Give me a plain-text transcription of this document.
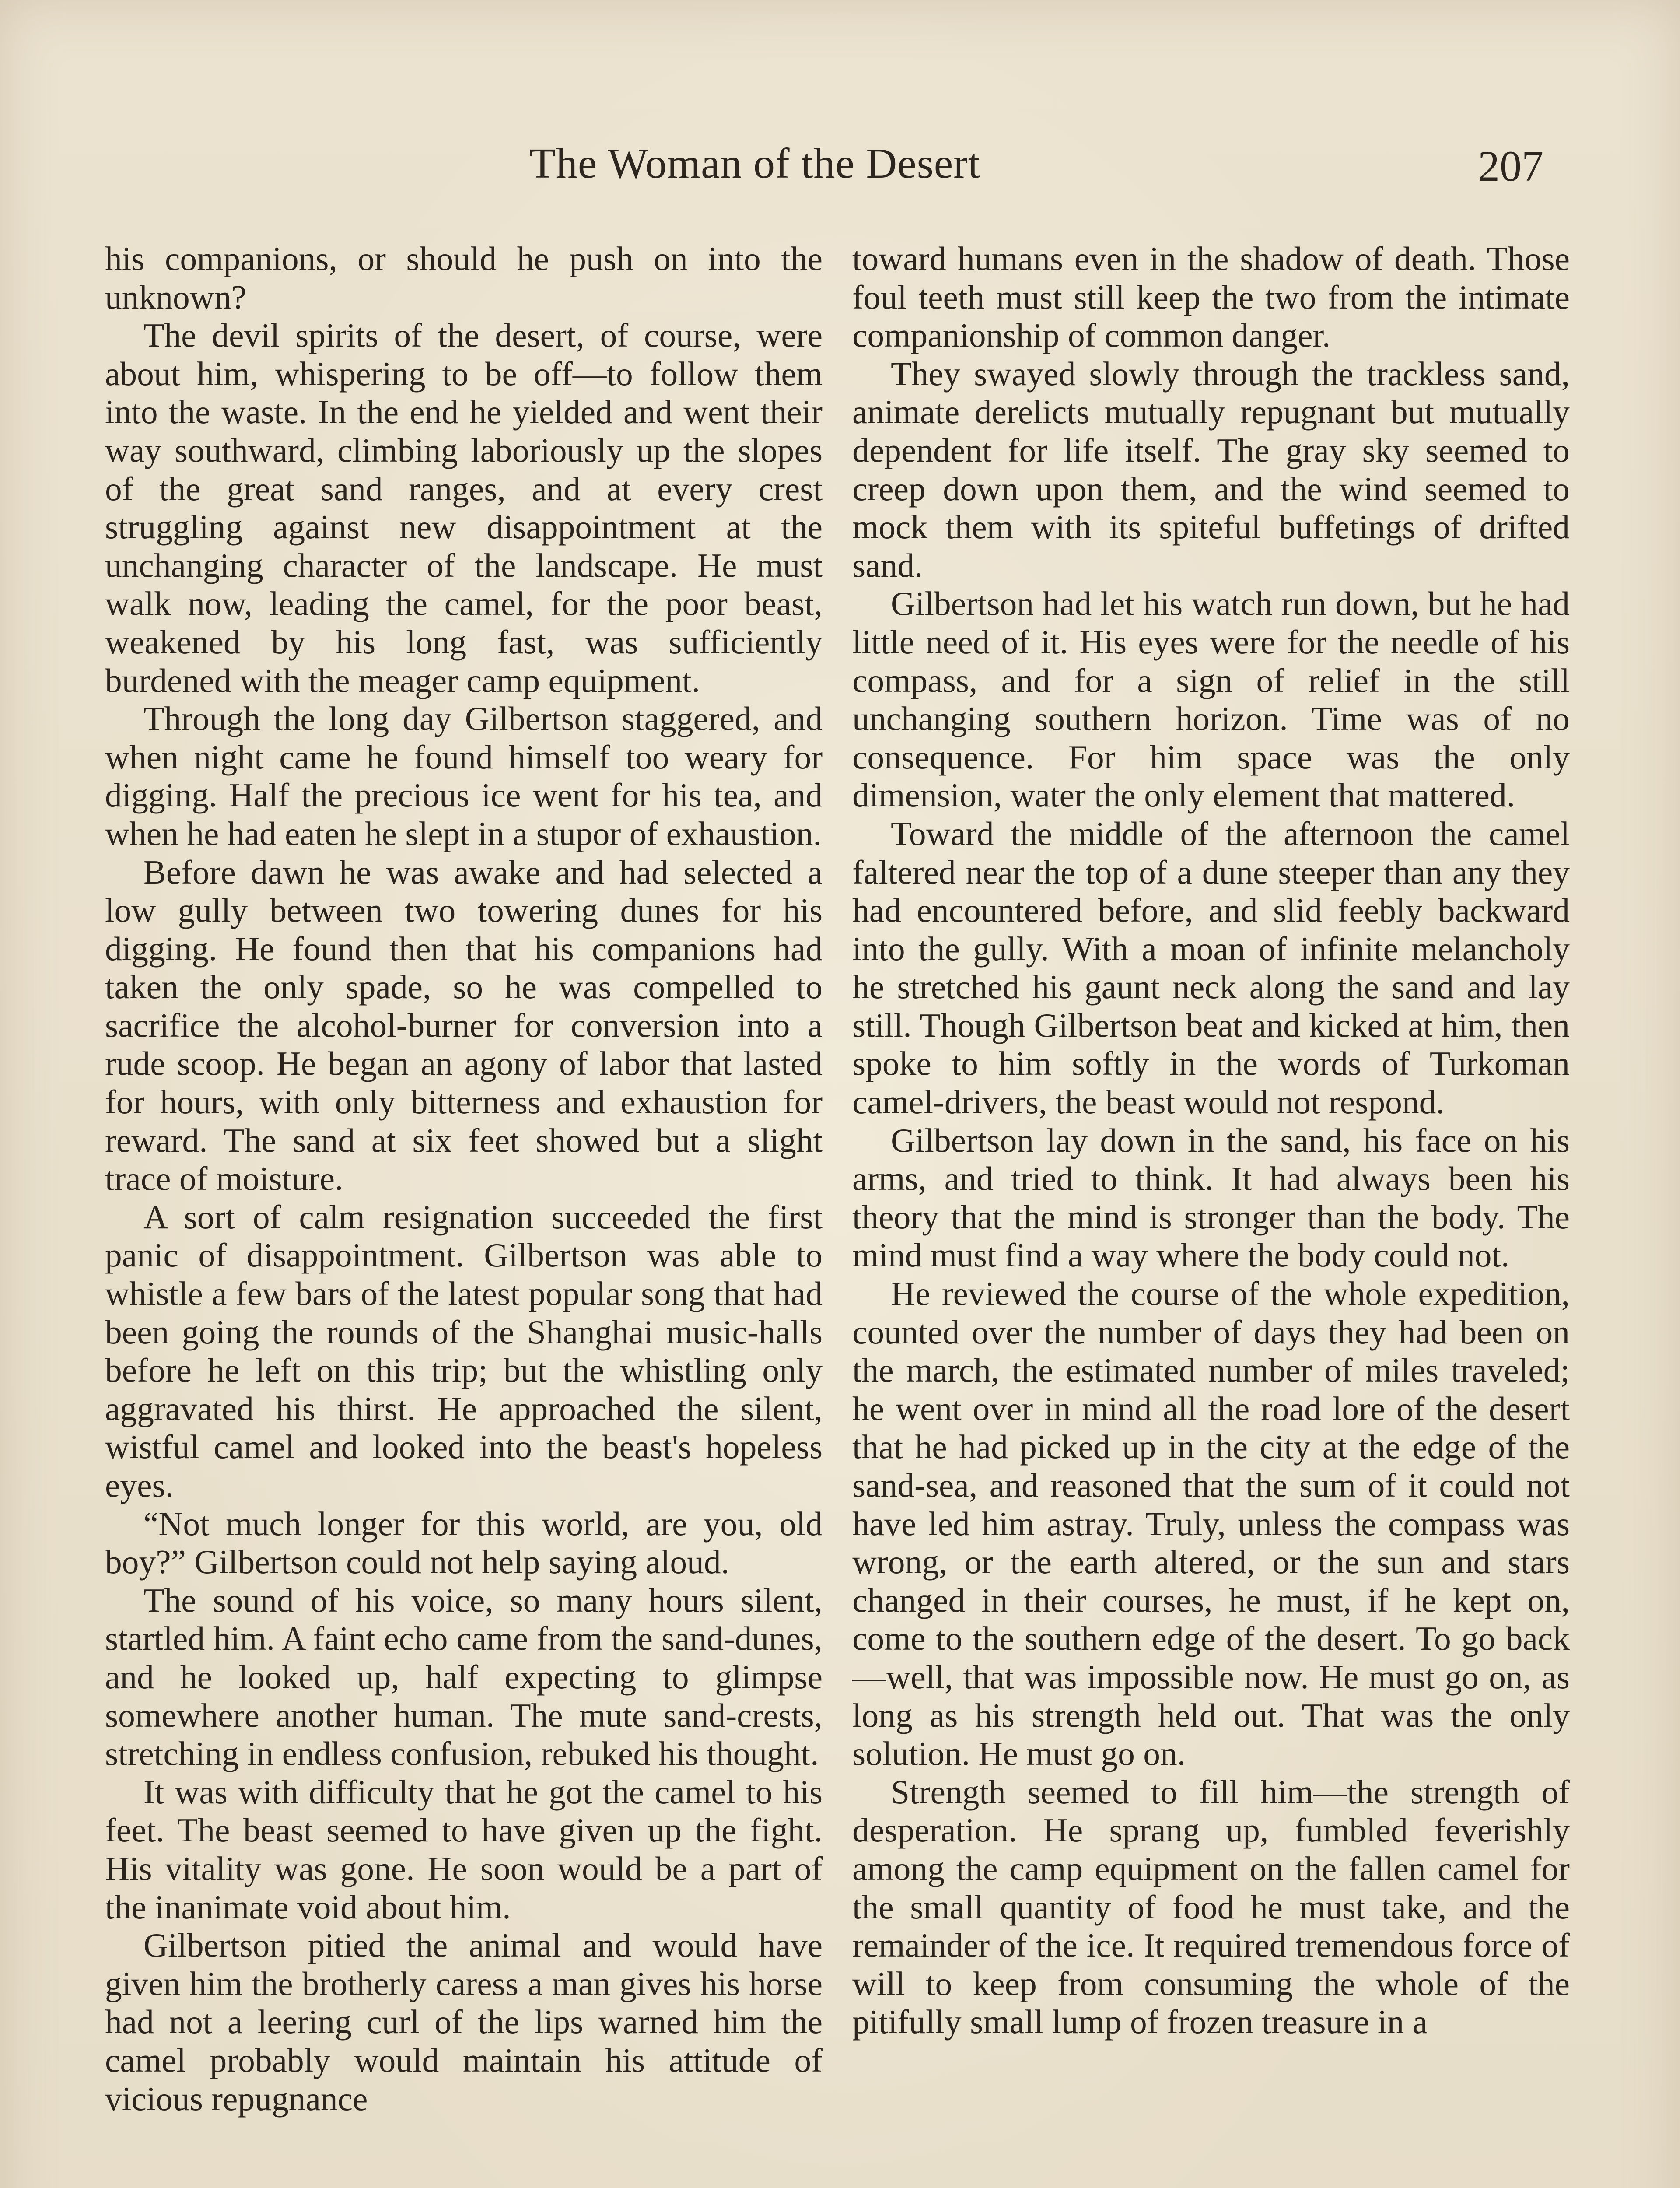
The Woman of the Desert	207

his companions, or should he push on into the unknown?

The devil spirits of the desert, of course, were about him, whispering to be off—to follow them into the waste. In the end he yielded and went their way southward, climbing laboriously up the slopes of the great sand ranges, and at every crest struggling against new disappointment at the unchanging character of the landscape. He must walk now, leading the camel, for the poor beast, weakened by his long fast, was sufficiently burdened with the meager camp equipment.

Through the long day Gilbertson staggered, and when night came he found himself too weary for digging. Half the precious ice went for his tea, and when he had eaten he slept in a stupor of exhaustion.

Before dawn he was awake and had selected a low gully between two towering dunes for his digging. He found then that his companions had taken the only spade, so he was compelled to sacrifice the alcohol-burner for conversion into a rude scoop. He began an agony of labor that lasted for hours, with only bitterness and exhaustion for reward. The sand at six feet showed but a slight trace of moisture.

A sort of calm resignation succeeded the first panic of disappointment. Gilbertson was able to whistle a few bars of the latest popular song that had been going the rounds of the Shanghai music-halls before he left on this trip; but the whistling only aggravated his thirst. He approached the silent, wistful camel and looked into the beast's hopeless eyes.

“Not much longer for this world, are you, old boy?” Gilbertson could not help saying aloud.

The sound of his voice, so many hours silent, startled him. A faint echo came from the sand-dunes, and he looked up, half expecting to glimpse somewhere another human. The mute sand-crests, stretching in endless confusion, rebuked his thought.

It was with difficulty that he got the camel to his feet. The beast seemed to have given up the fight. His vitality was gone. He soon would be a part of the inanimate void about him.

Gilbertson pitied the animal and would have given him the brotherly caress a man gives his horse had not a leering curl of the lips warned him the camel probably would maintain his attitude of vicious repugnance

toward humans even in the shadow of death. Those foul teeth must still keep the two from the intimate companionship of common danger.

They swayed slowly through the trackless sand, animate derelicts mutually repugnant but mutually dependent for life itself. The gray sky seemed to creep down upon them, and the wind seemed to mock them with its spiteful buffetings of drifted sand.

Gilbertson had let his watch run down, but he had little need of it. His eyes were for the needle of his compass, and for a sign of relief in the still unchanging southern horizon. Time was of no consequence. For him space was the only dimension, water the only element that mattered.

Toward the middle of the afternoon the camel faltered near the top of a dune steeper than any they had encountered before, and slid feebly backward into the gully. With a moan of infinite melancholy he stretched his gaunt neck along the sand and lay still. Though Gilbertson beat and kicked at him, then spoke to him softly in the words of Turkoman camel-drivers, the beast would not respond.

Gilbertson lay down in the sand, his face on his arms, and tried to think. It had always been his theory that the mind is stronger than the body. The mind must find a way where the body could not.

He reviewed the course of the whole expedition, counted over the number of days they had been on the march, the estimated number of miles traveled; he went over in mind all the road lore of the desert that he had picked up in the city at the edge of the sand-sea, and reasoned that the sum of it could not have led him astray. Truly, unless the compass was wrong, or the earth altered, or the sun and stars changed in their courses, he must, if he kept on, come to the southern edge of the desert. To go back—well, that was impossible now. He must go on, as long as his strength held out. That was the only solution. He must go on.

Strength seemed to fill him—the strength of desperation. He sprang up, fumbled feverishly among the camp equipment on the fallen camel for the small quantity of food he must take, and the remainder of the ice. It required tremendous force of will to keep from consuming the whole of the pitifully small lump of frozen treasure in a
